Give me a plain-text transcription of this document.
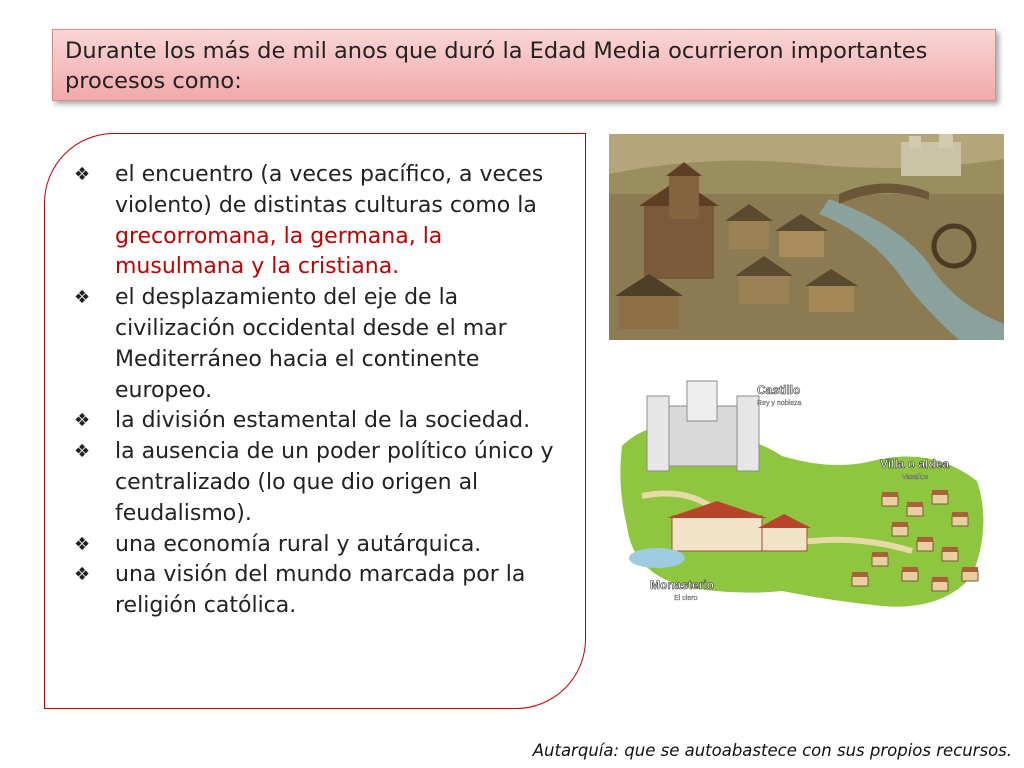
Durante los más de mil anos que duró la Edad Media ocurrieron importantes procesos como:
❖ el encuentro (a veces pacífico, a veces violento) de distintas culturas como la grecorromana, la germana, la musulmana y la cristiana.
❖ el desplazamiento del eje de la civilización occidental desde el mar Mediterráneo hacia el continente europeo.
❖ la división estamental de la sociedad.
❖ la ausencia de un poder político único y centralizado (lo que dio origen al feudalismo).
❖ una economía rural y autárquica.
❖ una visión del mundo marcada por la religión católica.
Castillo
Rey y nobleza
Villa o aldea
Vasallos
Monasterio
El clero
Autarquía: que se autoabastece con sus propios recursos.
